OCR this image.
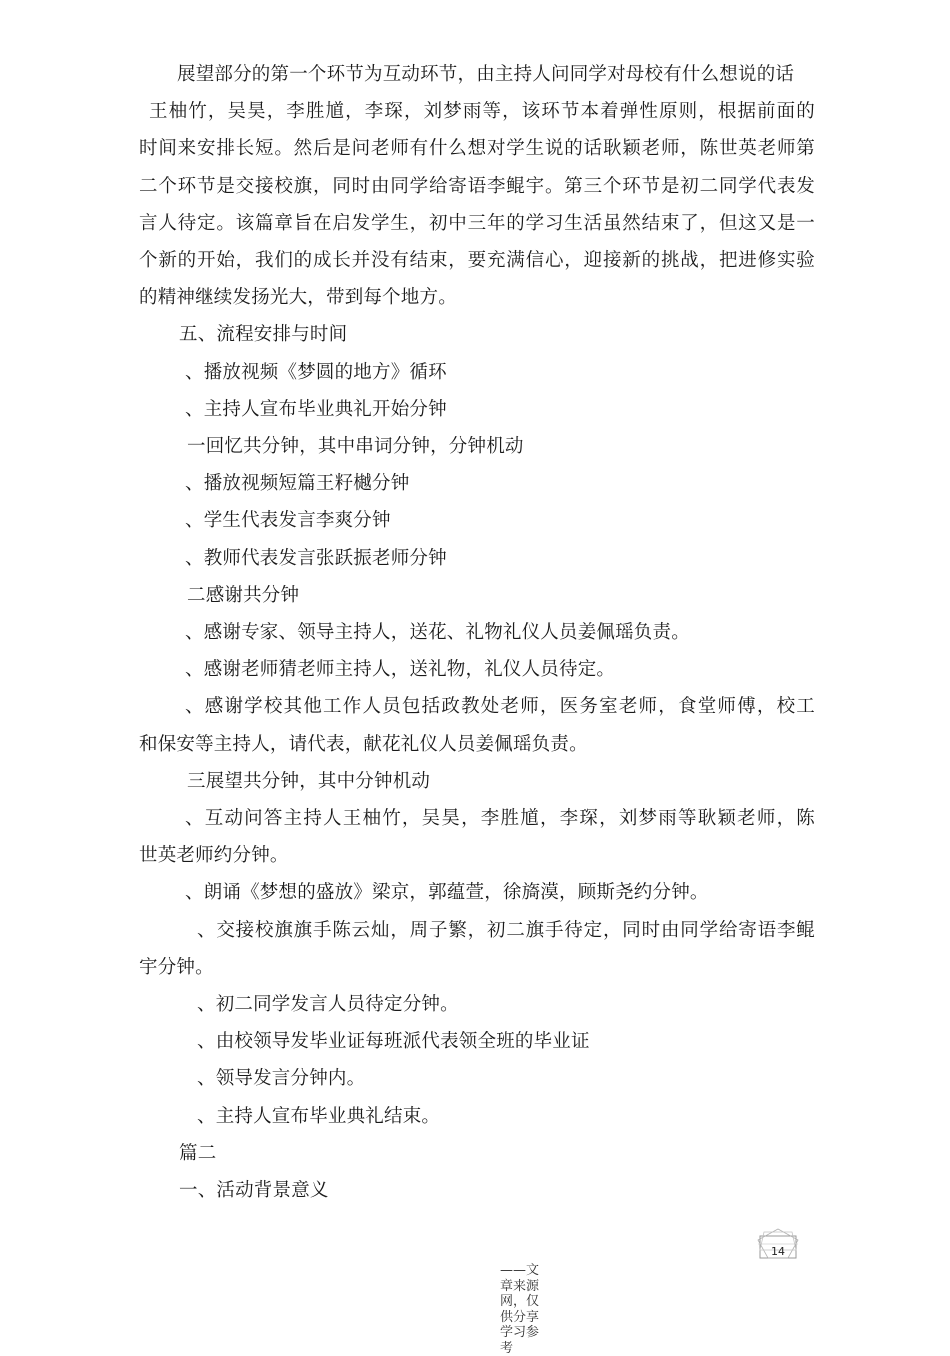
展望部分的第一个环节为互动环节，由主持人问同学对母校有什么想说的话
王柚竹，吴昊，李胜馗，李琛，刘梦雨等，该环节本着弹性原则，根据前面的
时间来安排长短。然后是问老师有什么想对学生说的话耿颖老师，陈世英老师第
二个环节是交接校旗，同时由同学给寄语李鲲宇。第三个环节是初二同学代表发
言人待定。该篇章旨在启发学生，初中三年的学习生活虽然结束了，但这又是一
个新的开始，我们的成长并没有结束，要充满信心，迎接新的挑战，把进修实验
的精神继续发扬光大，带到每个地方。
五、流程安排与时间
、播放视频《梦圆的地方》循环
、主持人宣布毕业典礼开始分钟
一回忆共分钟，其中串词分钟，分钟机动
、播放视频短篇王籽樾分钟
、学生代表发言李爽分钟
、教师代表发言张跃振老师分钟
二感谢共分钟
、感谢专家、领导主持人，送花、礼物礼仪人员姜佩瑶负责。
、感谢老师猜老师主持人，送礼物，礼仪人员待定。
、感谢学校其他工作人员包括政教处老师，医务室老师，食堂师傅，校工
和保安等主持人，请代表，献花礼仪人员姜佩瑶负责。
三展望共分钟，其中分钟机动
、互动问答主持人王柚竹，吴昊，李胜馗，李琛，刘梦雨等耿颖老师，陈
世英老师约分钟。
、朗诵《梦想的盛放》梁京，郭蕴萱，徐旖漠，顾斯尧约分钟。
、交接校旗旗手陈云灿，周子繁，初二旗手待定，同时由同学给寄语李鲲
宇分钟。
、初二同学发言人员待定分钟。
、由校领导发毕业证每班派代表领全班的毕业证
、领导发言分钟内。
、主持人宣布毕业典礼结束。
篇二
一、活动背景意义
14
——文章来源网，仅供分享学习参考
